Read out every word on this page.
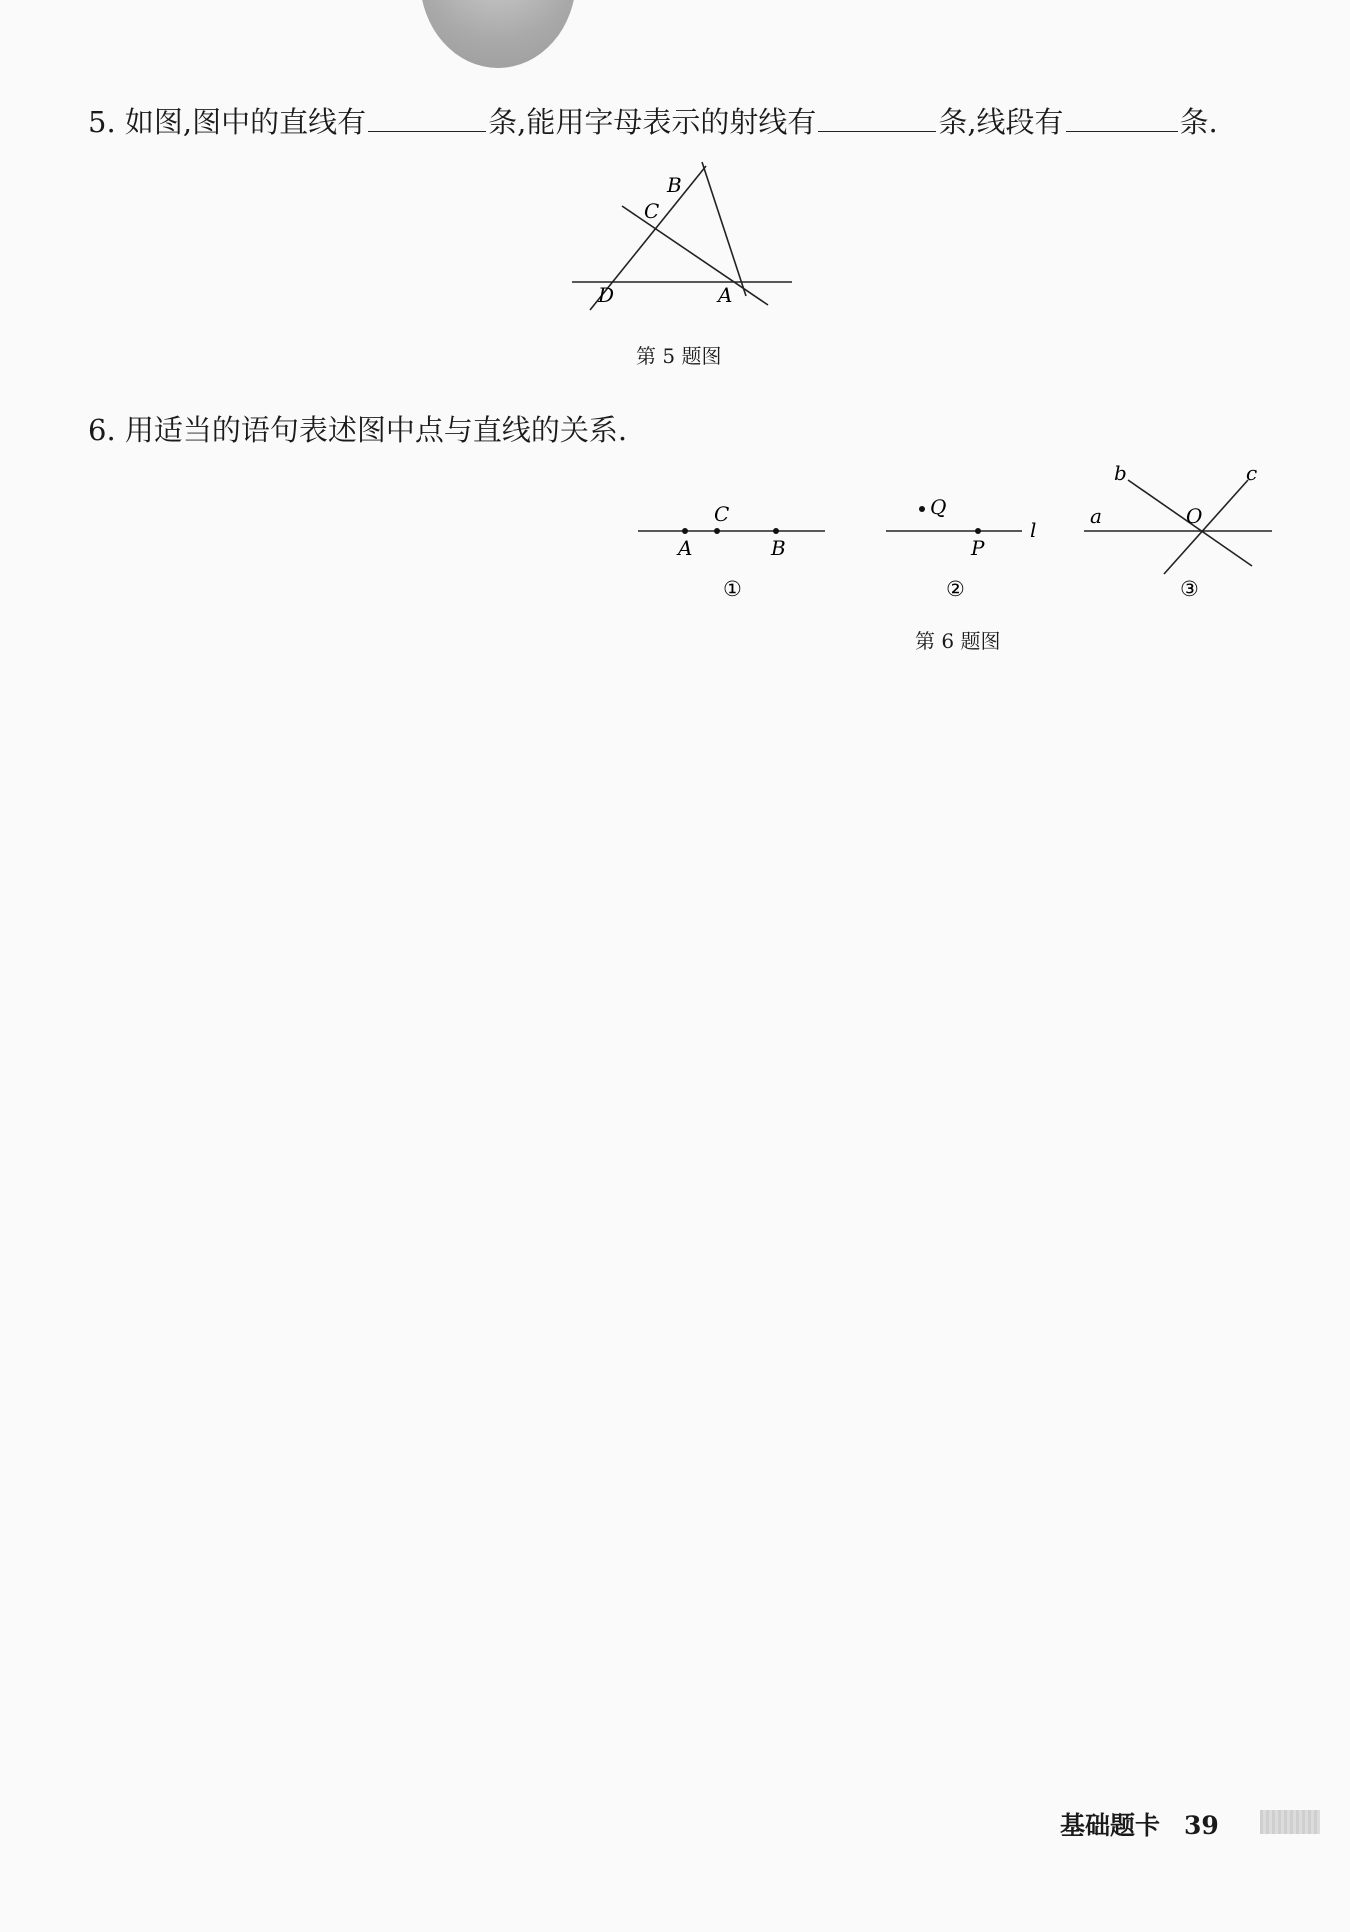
5. 如图,图中的直线有	条,能用字母表示的射线有	条,线段有	条.
B
C
D	A
第 5 题图
6. 用适当的语句表述图中点与直线的关系.
C
A	B
①
Q
P
l
②
b	c
a	O
③
第 6 题图
基础题卡 39
